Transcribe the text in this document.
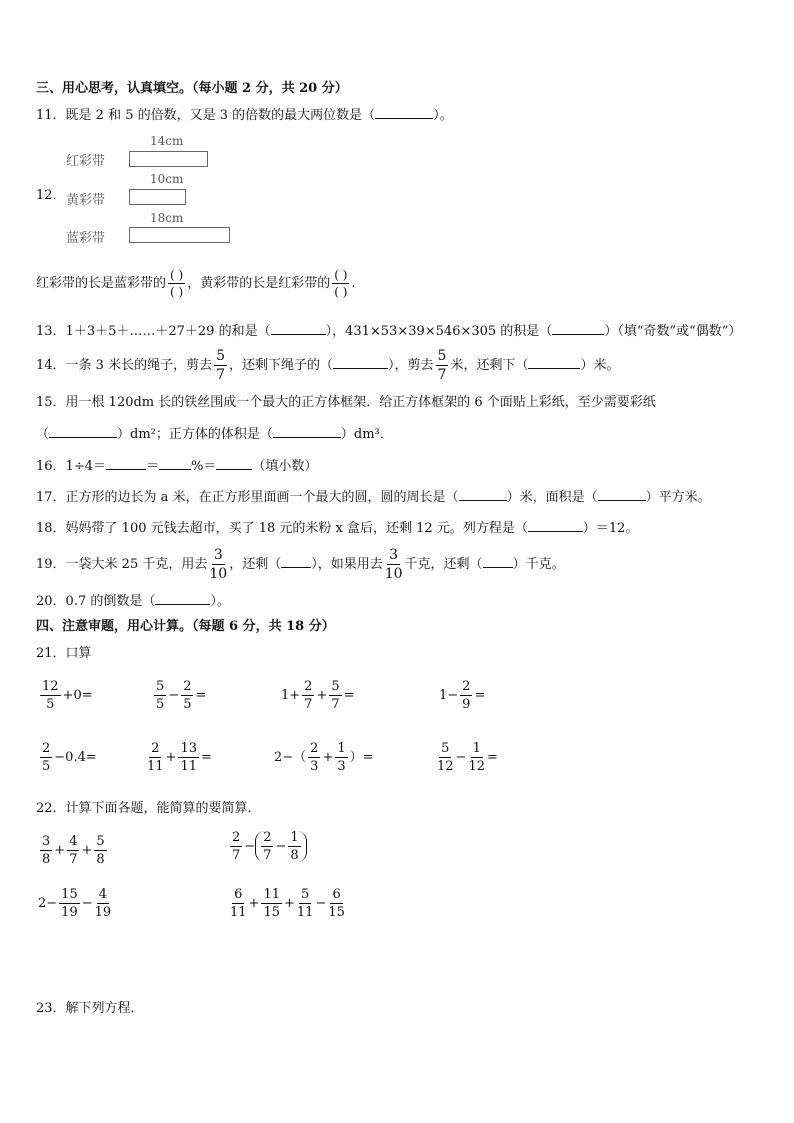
三、用心思考，认真填空。（每小题 2 分，共 20 分）
11．既是 2 和 5 的倍数，又是 3 的倍数的最大两位数是（	）。
12．
14cm
红彩带
10cm
黄彩带
18cm
蓝彩带
红彩带的长是蓝彩带的 $\frac{( )}{( )}$ ，黄彩带的长是红彩带的 $\frac{( )}{( )}$ .
13．1＋3＋5＋……＋27＋29 的和是（	），431×53×39×546×305 的积是（	）（填“奇数”或“偶数”）
14．一条 3 米长的绳子，剪去 $\frac{5}{7}$ ，还剩下绳子的（	），剪去 $\frac{5}{7}$ 米，还剩下（	）米。
15．用一根 120dm 长的铁丝围成一个最大的正方体框架．给正方体框架的 6 个面贴上彩纸，至少需要彩纸
（	）dm²；正方体的体积是（	）dm³．
16．1÷4＝	＝ %＝	（填小数）
17．正方形的边长为 a 米，在正方形里面画一个最大的圆，圆的周长是（	）米，面积是（	）平方米。
18．妈妈带了 100 元钱去超市，买了 18 元的米粉 x 盒后，还剩 12 元。列方程是（	）＝12。
19．一袋大米 25 千克，用去 $\frac{3}{10}$ ，还剩（ ），如果用去 $\frac{3}{10}$ 千克，还剩（ ）千克。
20．0.7 的倒数是（	）。
四、注意审题，用心计算。（每题 6 分，共 18 分）
21．口算
$\frac{12}{5} +0=$	$\frac{5}{5} - \frac{2}{5}$ =	$1+ \frac{2}{7} + \frac{5}{7}$ =	$1- \frac{2}{9}$ =
$\frac{2}{5} -0.4=$	$\frac{2}{11} + \frac{13}{11}$ =	$2-( \frac{2}{3} + \frac{1}{3}$ ）=	$\frac{5}{12} - \frac{1}{12}$ =
22．计算下面各题，能简算的要简算．
$\frac{3}{8} + \frac{4}{7} + \frac{5}{8}$	$\frac{2}{7} - \frac{2}{7} - \frac{1}{8}$
$2- \frac{15}{19} - \frac{4}{19}$	$\frac{6}{11} + \frac{11}{15} + \frac{5}{11} - \frac{6}{15}$
23．解下列方程．
